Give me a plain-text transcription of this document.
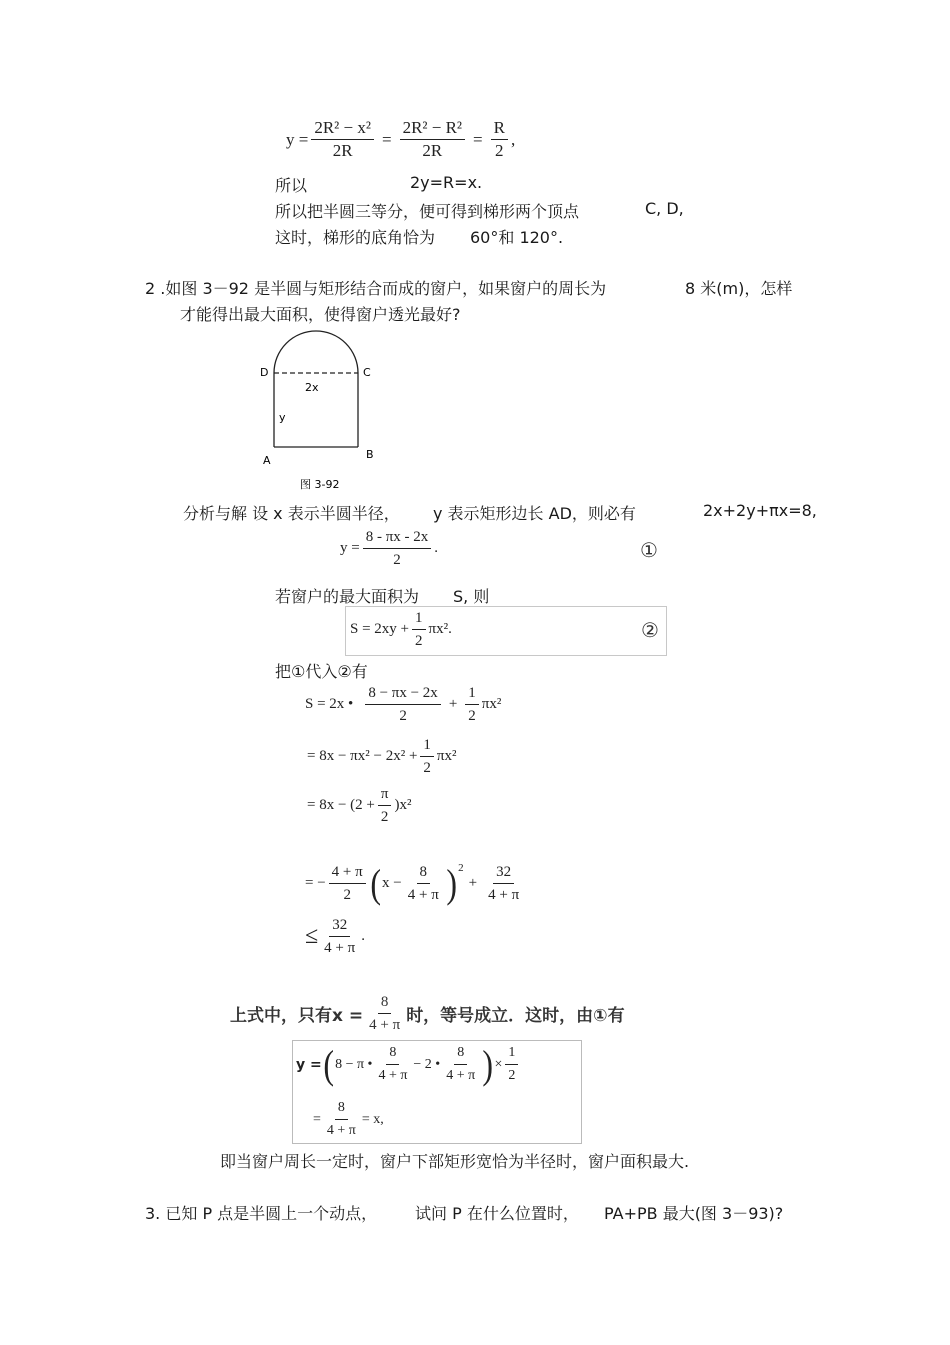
$y = \frac{\text{2R² − x²}}{2R} = \frac{\text{2R² − R²}}{2R} = \frac{R}{2}$ ,
所以	2y=R=x.
所以把半圆三等分，便可得到梯形两个顶点	C, D,
这时，梯形的底角恰为 60°和 120°.
2 .如图 3－92 是半圆与矩形结合而成的窗户，如果窗户的周长为	8 米(m)，怎样
才能得出最大面积，使得窗户透光最好?
D	C
A	B
2x
y
图 3-92
分析与解 设 x 表示半圆半径， y 表示矩形边长 AD，则必有	2x+2y+πx=8,
$y = \frac{8 - \pi x - 2x}{2}$ .	①
若窗户的最大面积为 S, 则
$S = 2xy + \frac{1}{2} \pi x^2$.	②
把①代入②有
S = 2x • $\frac{8 - \pi x - 2x}{2} + \frac{1}{2} \pi x^2$
= $8x - \pi x^2 - 2x^2 + \frac{1}{2} \pi x^2$
= $8x - (2 + \frac{\pi}{2} )x^2$
= − $\frac{4 + \pi}{2}$ ( $x - \frac{8}{4 + \pi} )^2$
+ $\frac{32}{4 + \pi}$
≤ $\frac{32}{4 + \pi}$ .
上式中，只有$x = \frac{8}{4 + \pi}$ 时，等号成立．这时，由①有
y = ( 8 − π • $\frac{8}{4 + \pi} - 2$ • $\frac{8}{4 + \pi}$ ) × $\frac{1}{2}$
= $\frac{8}{4 + \pi} = x$,
即当窗户周长一定时，窗户下部矩形宽恰为半径时，窗户面积最大.
3. 已知 P 点是半圆上一个动点， 试问 P 在什么位置时， PA+PB 最大(图 3－93)?
